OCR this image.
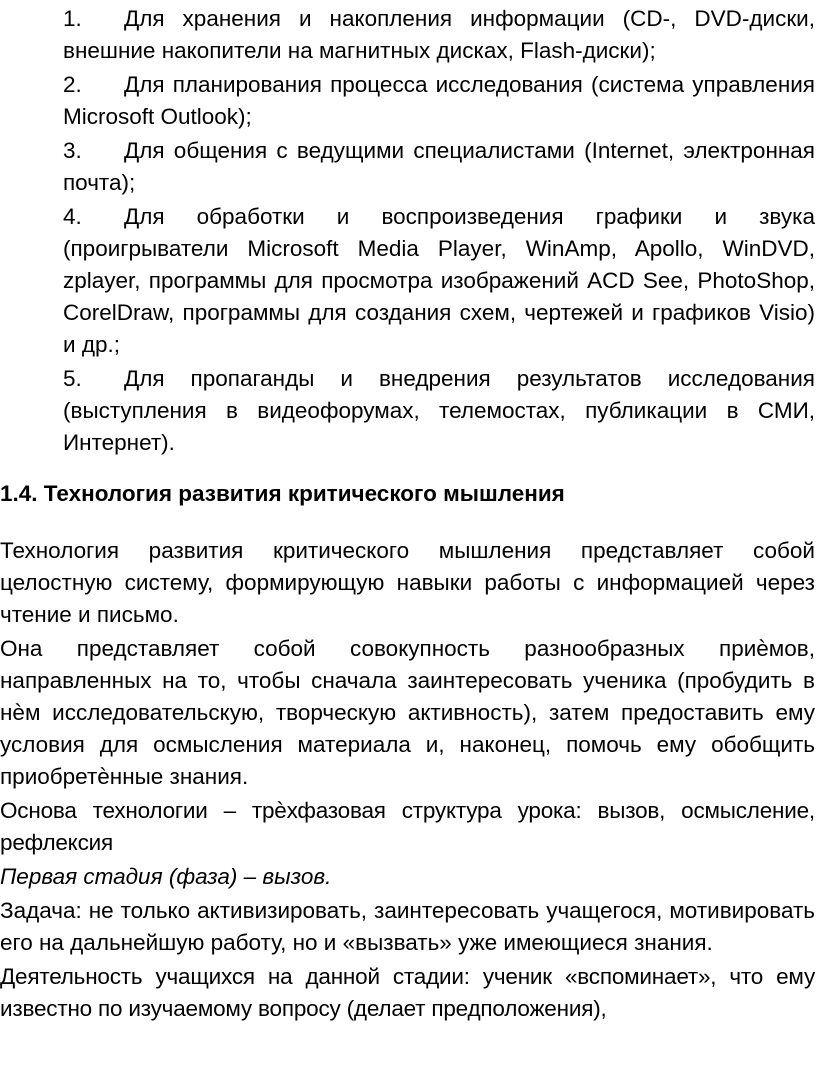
1. Для хранения и накопления информации (CD-, DVD-диски, внешние накопители на магнитных дисках, Flash-диски);

2. Для планирования процесса исследования (система управления Microsoft Outlook);

3. Для общения с ведущими специалистами (Internet, электронная почта);

4. Для обработки и воспроизведения графики и звука (проигрыватели Microsoft Media Player, WinAmp, Apollo, WinDVD, zplayer, программы для просмотра изображений ACD See, PhotoShop, CorelDraw, программы для создания схем, чертежей и графиков Visio) и др.;

5. Для пропаганды и внедрения результатов исследования (выступления в видеофорумах, телемостах, публикации в СМИ, Интернет).

1.4. Технология развития критического мышления

Технология развития критического мышления представляет собой целостную систему, формирующую навыки работы с информацией через чтение и письмо.

Она представляет собой совокупность разнообразных приѐмов, направленных на то, чтобы сначала заинтересовать ученика (пробудить в нѐм исследовательскую, творческую активность), затем предоставить ему условия для осмысления материала и, наконец, помочь ему обобщить приобретѐнные знания.

Основа технологии – трѐхфазовая структура урока: вызов, осмысление, рефлексия

Первая стадия (фаза) – вызов.

Задача: не только активизировать, заинтересовать учащегося, мотивировать его на дальнейшую работу, но и «вызвать» уже имеющиеся знания.

Деятельность учащихся на данной стадии: ученик «вспоминает», что ему известно по изучаемому вопросу (делает предположения),
